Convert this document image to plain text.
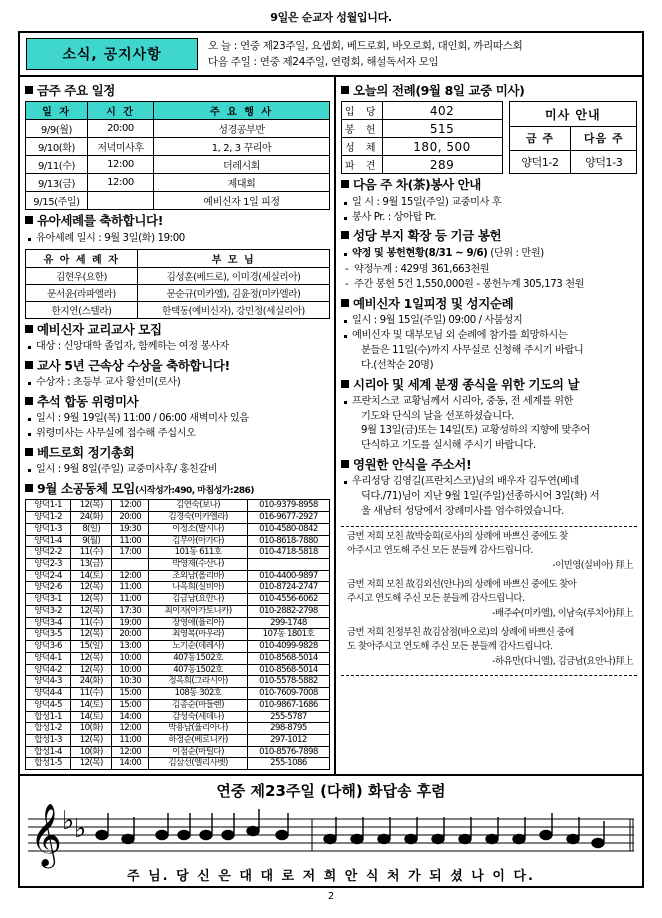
9일은 순교자 성월입니다.
소식, 공지사항
오 늘 : 연중 제23주일, 요셉회, 베드로회, 바오로회, 대인회, 까리따스회
다음 주일 : 연중 제24주일, 연령회, 해설독서자 모임
금주 주요 일정
일 자	시 간	주 요 행 사
9/9(월)	20:00	성경공부반
9/10(화)	저녁미사후	1, 2, 3 꾸리아
9/11(수)	12:00	더레시회
9/13(금)	12:00	제대회
9/15(주일)		예비신자 1일 피정
유아세례를 축하합니다!
유아세례 일시 : 9월 3일(화) 19:00
유 아 세 례 자	부 모 님
김현우(요한)	김성훈(베드로), 이미경(세실리아)
문서윤(라파엘라)	문순규(미카엘), 김윤정(미카엘라)
한지연(스텔라)	한택동(예비신자), 강민정(세실리아)
예비신자 교리교사 모집
대상 : 신앙대학 졸업자, 함께하는 여정 봉사자
교사 5년 근속상 수상을 축하합니다!
수상자 : 초등부 교사 황선미(로사)
추석 합동 위령미사
일시 : 9월 19일(목) 11:00 / 06:00 새벽미사 있음
위령미사는 사무실에 접수해 주십시오
베드로회 정기총회
일시 : 9월 8일(주일) 교중미사후/ 홍친갈비
9월 소공동체 모임(시작성가:490, 마침성가:286)
양덕1-1	12(목)	12:00	김연숙(보나)	010-9379-8958
양덕1-2	24(화)	20:00	김경숙(미카엘라)	016-9677-2927
양덕1-3	8(일)	19:30	이정소(발시나)	010-4580-0842
양덕1-4	9(월)	11:00	김무아(아가다)	010-8618-7880
양덕2-2	11(수)	17:00	101동 611호	010-4718-5818
양덕2-3	13(금)		박영재(수산나)	
양덕2-4	14(토)	12:00	조외남(올리바)	010-4400-9897
양덕2-6	12(목)	11:00	나옥희(실비아)	010-8724-2747
양덕3-1	12(목)	11:00	김금남(요안나)	010-4556-6062
양덕3-2	12(목)	17:30	최이자(아가토니카)	010-2882-2798
양덕3-4	11(수)	19:00	장영애(율리아)	299-1748
양덕3-5	12(목)	20:00	최영복(마우라)	107동 1801호
양덕3-6	15(일)	13:00	노기순(데레사)	010-4099-9828
양덕4-1	12(목)	10:00	407동1502호	010-8568-5014
양덕4-2	12(목)	10:00	407동1502호	010-8568-5014
양덕4-3	24(화)	10:30	정옥희(그라시아)	010-5578-5882
양덕4-4	11(수)	15:00	108동 302호	010-7609-7008
양덕4-5	14(토)	15:00	김종순(마들렌)	010-9867-1686
합성1-1	14(토)	14:00	감성숙(세데나)	255-5787
합성1-2	10(화)	12:00	박용남(율리아나)	298-8795
합성1-3	12(목)	11:00	하정순(베로니카)	297-1012
합성1-4	10(화)	12:00	이점순(마틸다)	010-8576-7898
합성1-5	12(목)	14:00	김삼선(엘리사벳)	255-1086
오늘의 전례(9월 8일 교중 미사)
입 당	402
봉 헌	515
성 체	180, 500
파 견	289
미사 안내	
금 주	다음 주
양덕1-2	양덕1-3
다음 주 차(茶)봉사 안내
일 시 : 9월 15일(주일) 교중미사 후
봉사 Pr. : 상아탑 Pr.
성당 부지 확장 등 기금 봉헌
약정 및 봉헌현황(8/31 ~ 9/6) (단위 : 만원)
- 약정누계 : 429명 361,663천원
- 주간 봉헌 5건 1,550,000원 - 봉헌누계 305,173 천원
예비신자 1일피정 및 성지순례
일시 : 9월 15일(주일) 09:00 / 사붐성지
예비신자 및 대부모님 외 순례에 참가를 희망하시는
분들은 11일(수)까지 사무실로 신청해 주시기 바랍니
다.(선착순 20명)
시리아 및 세계 분쟁 종식을 위한 기도의 날
프란치스코 교황님께서 시리아, 중동, 전 세계를 위한
기도와 단식의 날을 선포하셨습니다.
9월 13일(금)또는 14일(토) 교황성하의 지향에 맞추어
단식하고 기도를 실시해 주시기 바랍니다.
영원한 안식을 주소서!
우리성당 김영길(프란치스코)님의 배우자 김두연(베네
딕다./71)님이 지난 9월 1일(주일)선종하시어 3일(화) 서
울 새남터 성당에서 장례미사를 엄수하였습니다.

금번 저희 모친 故박숭희(로사)의 상례에 바쁘신 중에도 찾

아주시고 연도해 주신 모든 분들께 감사드립니다.

-이민영(실비아) 拜上

금번 저희 모친 故김외선(안나)의 상례에 바쁘신 중에도 찾아

주시고 연도해 주신 모든 분들께 감사드립니다.

-배주수(미카엘), 이남숙(루치아)拜上

금번 저희 친정부친 故김삼점(바오로)의 상례에 바쁘신 중에

도 찾아주시고 연도해 주신 모든 분들께 감사드립니다.

-하유만(다니엘), 김금남(요안나)拜上

연중 제23주일 (다해) 화답송 후렴
𝄞 ♭ ♭
주 님. 당 신 은 대 대 로 저 희 안 식 처 가 되 셨 나 이 다.
2
